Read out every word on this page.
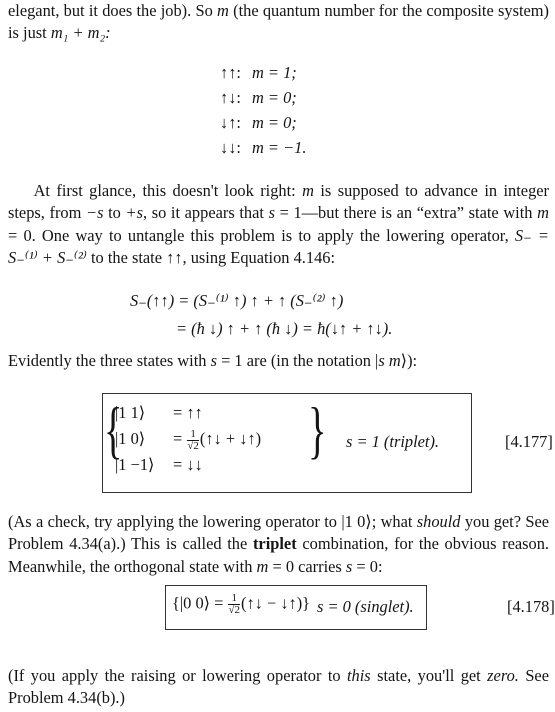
elegant, but it does the job). So m (the quantum number for the composite system) is just m₁ + m₂:
↑↑: m = 1;
↑↓: m = 0;
↓↑: m = 0;
↓↓: m = −1.
At first glance, this doesn't look right: m is supposed to advance in integer steps, from −s to +s, so it appears that s = 1—but there is an “extra” state with m = 0. One way to untangle this problem is to apply the lowering operator, S₋ = S₋⁽¹⁾ + S₋⁽²⁾ to the state ↑↑, using Equation 4.146:
S₋(↑↑) = (S₋⁽¹⁾ ↑) ↑ + ↑ (S₋⁽²⁾ ↑)
= (ħ ↓) ↑ + ↑ (ħ ↓) = ħ(↓↑ + ↑↓).
Evidently the three states with s = 1 are (in the notation |s m⟩):
{
|1 1⟩ = ↑↑
|1 0⟩ = $\frac{1}{√2}$ (↑↓ + ↓↑)
|1 −1⟩ = ↓↓	} s = 1 (triplet).	[4.177]
(As a check, try applying the lowering operator to |1 0⟩; what should you get? See Problem 4.34(a).) This is called the triplet combination, for the obvious reason. Meanwhile, the orthogonal state with m = 0 carries s = 0:
{|0 0⟩ = $\frac{1}{√2}$ (↑↓ − ↓↑)} s = 0 (singlet).	[4.178]
(If you apply the raising or lowering operator to this state, you'll get zero. See Problem 4.34(b).)
